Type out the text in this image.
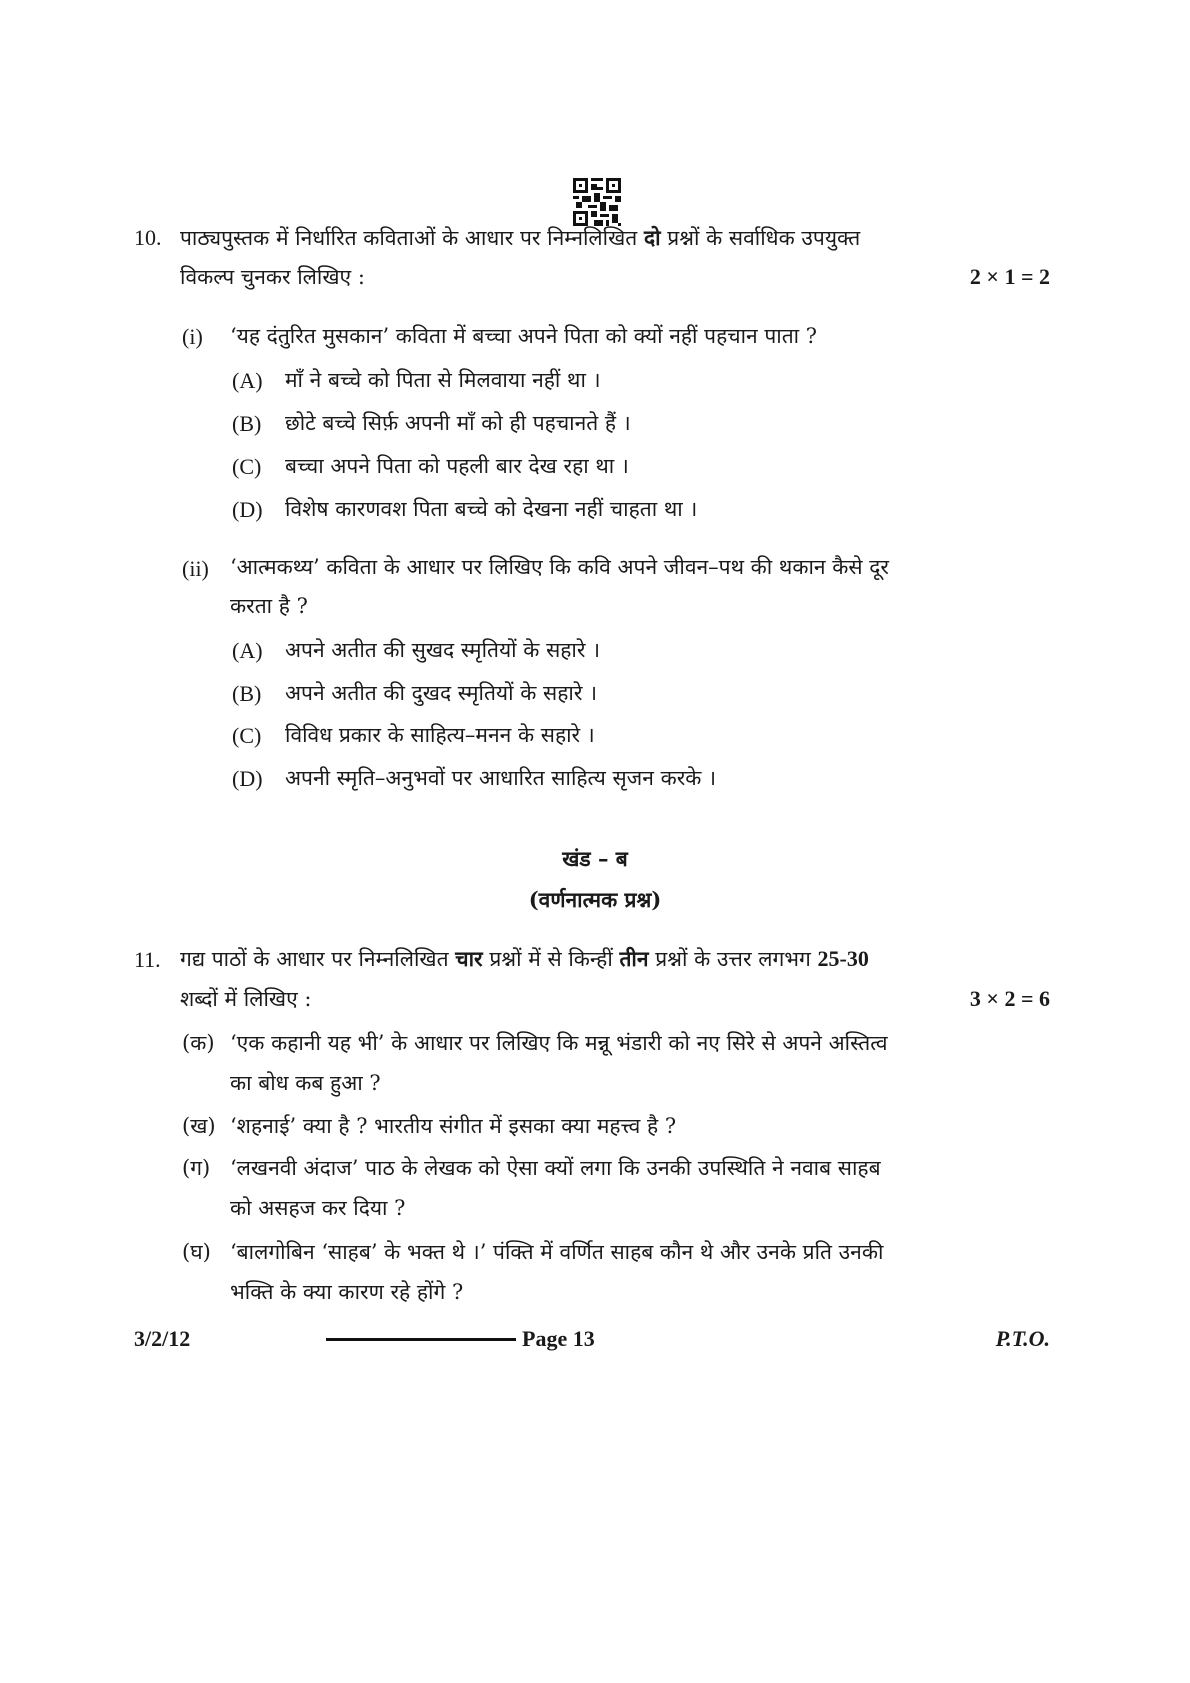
10. पाठ्यपुस्तक में निर्धारित कविताओं के आधार पर निम्नलिखित दो प्रश्नों के सर्वाधिक उपयुक्त
विकल्प चुनकर लिखिए :	2 × 1 = 2
(i) ‘यह दंतुरित मुसकान’ कविता में बच्चा अपने पिता को क्यों नहीं पहचान पाता ?
(A) माँ ने बच्चे को पिता से मिलवाया नहीं था ।
(B) छोटे बच्चे सिर्फ़ अपनी माँ को ही पहचानते हैं ।
(C) बच्चा अपने पिता को पहली बार देख रहा था ।
(D) विशेष कारणवश पिता बच्चे को देखना नहीं चाहता था ।
(ii) ‘आत्मकथ्य’ कविता के आधार पर लिखिए कि कवि अपने जीवन–पथ की थकान कैसे दूर
करता है ?
(A) अपने अतीत की सुखद स्मृतियों के सहारे ।
(B) अपने अतीत की दुखद स्मृतियों के सहारे ।
(C) विविध प्रकार के साहित्य–मनन के सहारे ।
(D) अपनी स्मृति–अनुभवों पर आधारित साहित्य सृजन करके ।
खंड – ब
(वर्णनात्मक प्रश्न)
11. गद्य पाठों के आधार पर निम्नलिखित चार प्रश्नों में से किन्हीं तीन प्रश्नों के उत्तर लगभग 25-30
शब्दों में लिखिए :	3 × 2 = 6
(क) ‘एक कहानी यह भी’ के आधार पर लिखिए कि मन्नू भंडारी को नए सिरे से अपने अस्तित्व
का बोध कब हुआ ?
(ख) ‘शहनाई’ क्या है ? भारतीय संगीत में इसका क्या महत्त्व है ?
(ग) ‘लखनवी अंदाज’ पाठ के लेखक को ऐसा क्यों लगा कि उनकी उपस्थिति ने नवाब साहब
को असहज कर दिया ?
(घ) ‘बालगोबिन ‘साहब’ के भक्त थे ।’ पंक्ति में वर्णित साहब कौन थे और उनके प्रति उनकी
भक्ति के क्या कारण रहे होंगे ?
3/2/12	Page 13	P.T.O.
